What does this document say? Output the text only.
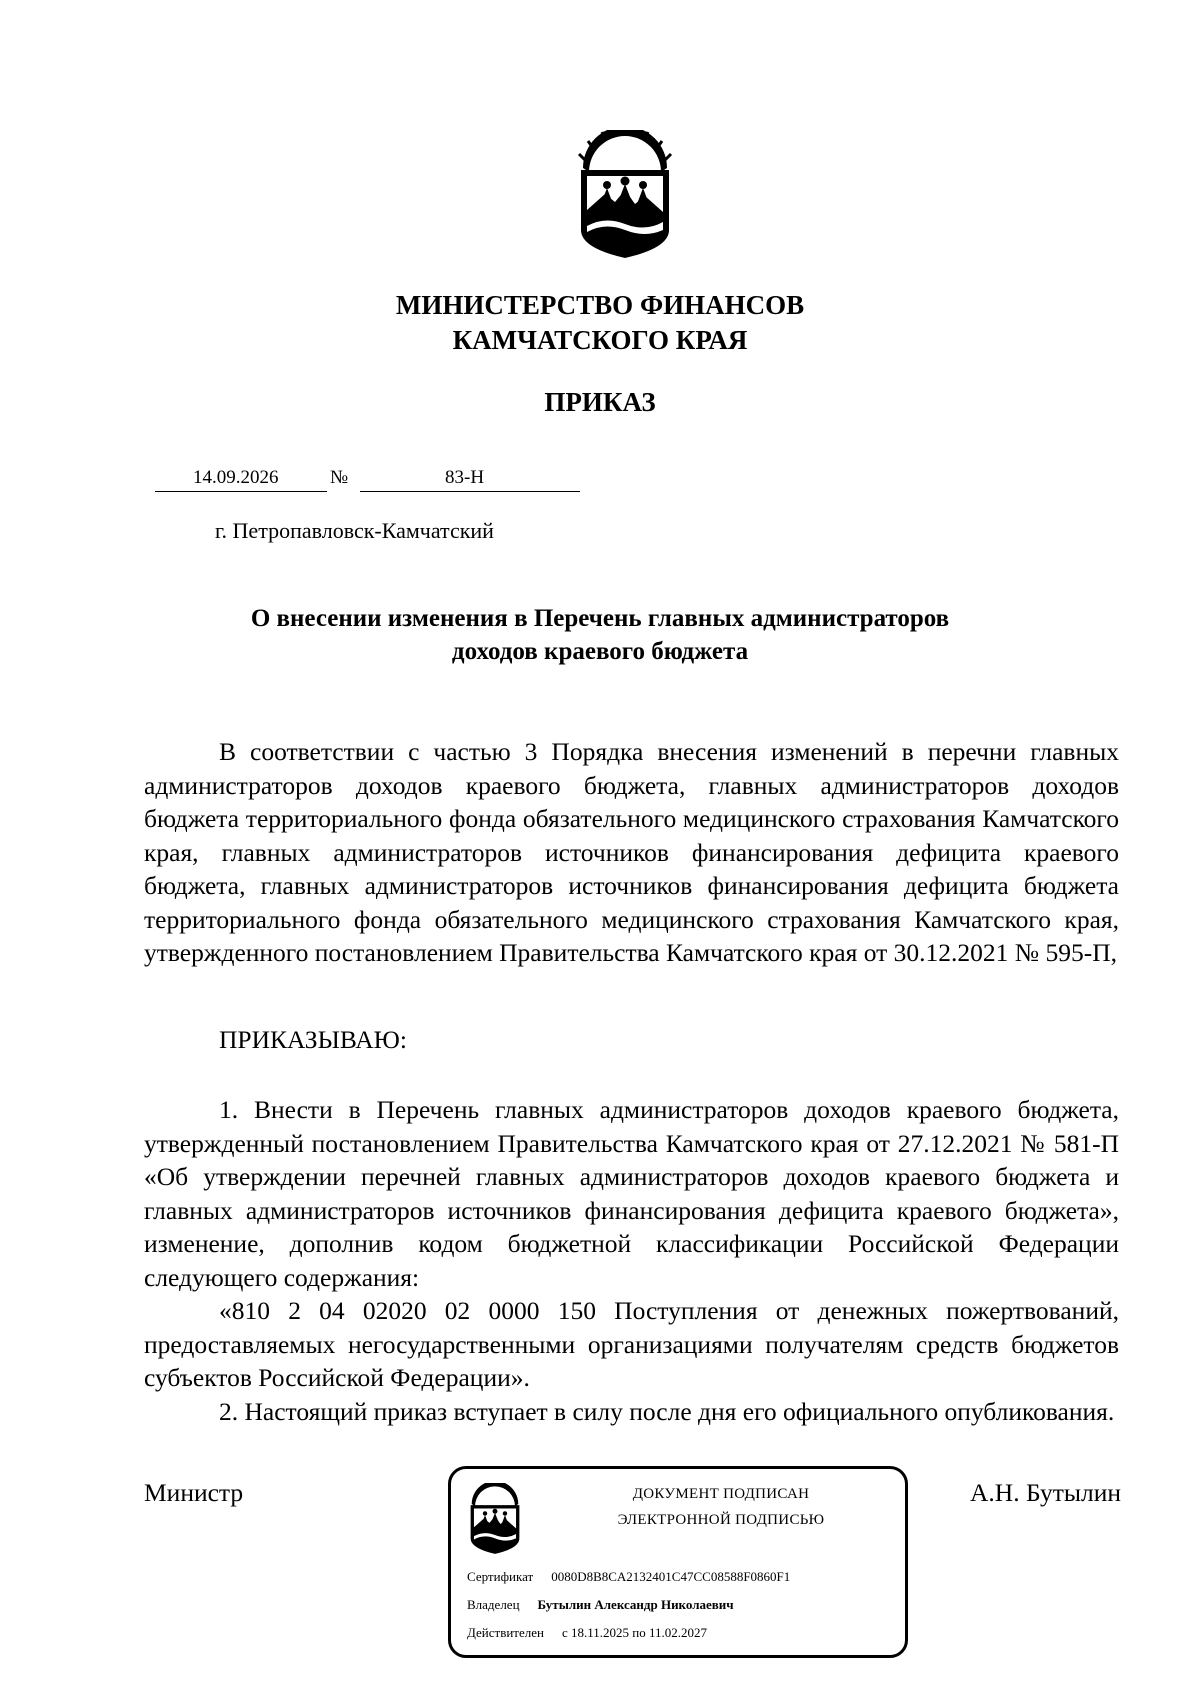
МИНИСТЕРСТВО ФИНАНСОВ
КАМЧАТСКОГО КРАЯ
ПРИКАЗ
14.09.2026	№	83-Н
г. Петропавловск-Камчатский
О внесении изменения в Перечень главных администраторов
доходов краевого бюджета

В соответствии с частью 3 Порядка внесения изменений в перечни главных администраторов доходов краевого бюджета, главных администраторов доходов бюджета территориального фонда обязательного медицинского страхования Камчатского края, главных администраторов источников финансирования дефицита краевого бюджета, главных администраторов источников финансирования дефицита бюджета территориального фонда обязательного медицинского страхования Камчатского края, утвержденного постановлением Правительства Камчатского края от 30.12.2021 № 595-П,

ПРИКАЗЫВАЮ:

1. Внести в Перечень главных администраторов доходов краевого бюджета, утвержденный постановлением Правительства Камчатского края от 27.12.2021 № 581-П «Об утверждении перечней главных администраторов доходов краевого бюджета и главных администраторов источников финансирования дефицита краевого бюджета», изменение, дополнив кодом бюджетной классификации Российской Федерации следующего содержания:

«810 2 04 02020 02 0000 150 Поступления от денежных пожертвований, предоставляемых негосударственными организациями получателям средств бюджетов субъектов Российской Федерации».

2. Настоящий приказ вступает в силу после дня его официального опубликования.

Министр	А.Н. Бутылин
ДОКУМЕНТ ПОДПИСАН
ЭЛЕКТРОННОЙ ПОДПИСЬЮ
Сертификат 0080D8B8CA2132401C47CC08588F0860F1
Владелец Бутылин Александр Николаевич
Действителен с 18.11.2025 по 11.02.2027
